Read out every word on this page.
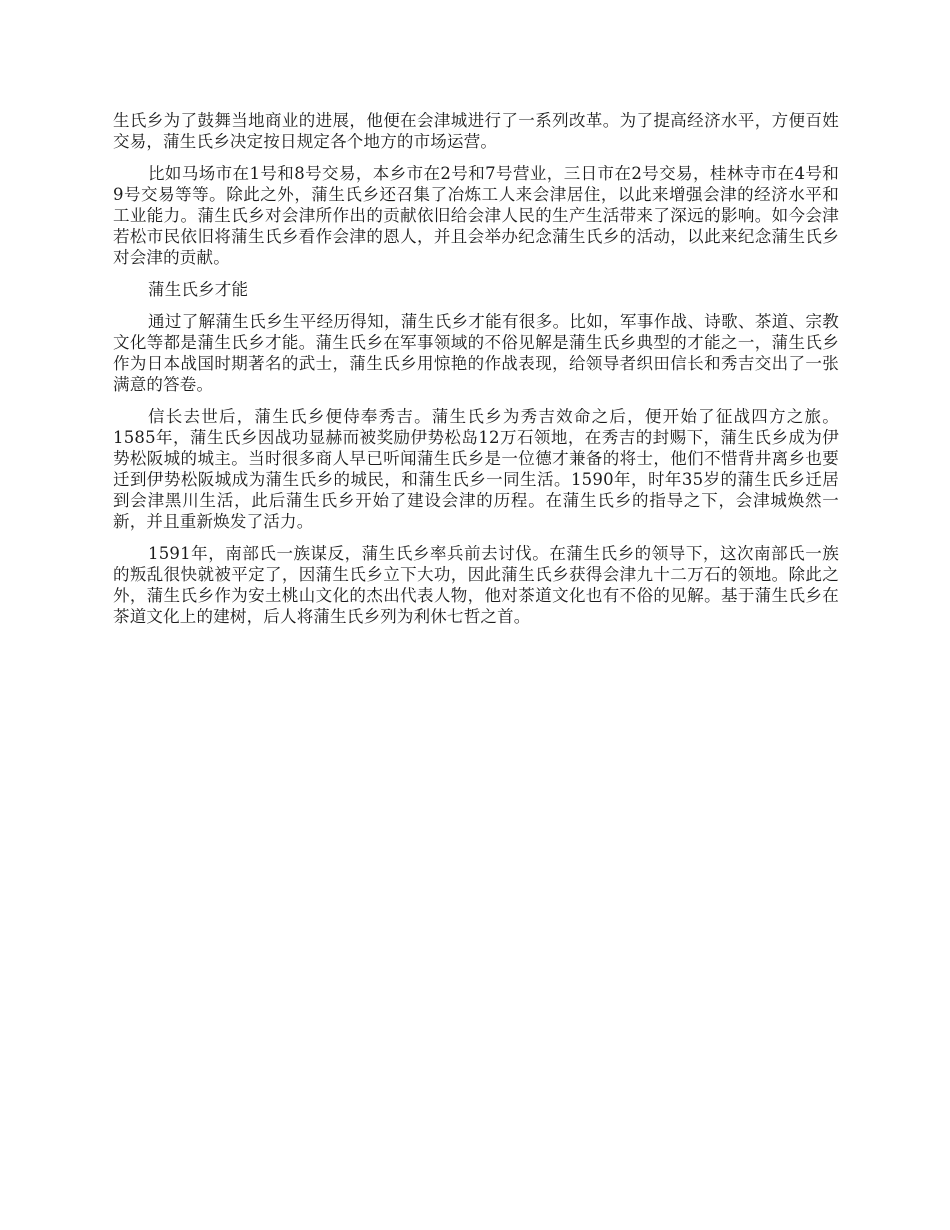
生氏乡为了鼓舞当地商业的进展，他便在会津城进行了一系列改革。为了提高经济水平，方便百姓交易，蒲生氏乡决定按日规定各个地方的市场运营。

比如马场市在1号和8号交易，本乡市在2号和7号营业，三日市在2号交易，桂林寺市在4号和9号交易等等。除此之外，蒲生氏乡还召集了冶炼工人来会津居住，以此来增强会津的经济水平和工业能力。蒲生氏乡对会津所作出的贡献依旧给会津人民的生产生活带来了深远的影响。如今会津若松市民依旧将蒲生氏乡看作会津的恩人，并且会举办纪念蒲生氏乡的活动，以此来纪念蒲生氏乡对会津的贡献。

蒲生氏乡才能

通过了解蒲生氏乡生平经历得知，蒲生氏乡才能有很多。比如，军事作战、诗歌、茶道、宗教文化等都是蒲生氏乡才能。蒲生氏乡在军事领域的不俗见解是蒲生氏乡典型的才能之一，蒲生氏乡作为日本战国时期著名的武士，蒲生氏乡用惊艳的作战表现，给领导者织田信长和秀吉交出了一张满意的答卷。

信长去世后，蒲生氏乡便侍奉秀吉。蒲生氏乡为秀吉效命之后，便开始了征战四方之旅。1585年，蒲生氏乡因战功显赫而被奖励伊势松岛12万石领地，在秀吉的封赐下，蒲生氏乡成为伊势松阪城的城主。当时很多商人早已听闻蒲生氏乡是一位德才兼备的将士，他们不惜背井离乡也要迁到伊势松阪城成为蒲生氏乡的城民，和蒲生氏乡一同生活。1590年，时年35岁的蒲生氏乡迁居到会津黑川生活，此后蒲生氏乡开始了建设会津的历程。在蒲生氏乡的指导之下，会津城焕然一新，并且重新焕发了活力。

1591年，南部氏一族谋反，蒲生氏乡率兵前去讨伐。在蒲生氏乡的领导下，这次南部氏一族的叛乱很快就被平定了，因蒲生氏乡立下大功，因此蒲生氏乡获得会津九十二万石的领地。除此之外，蒲生氏乡作为安土桃山文化的杰出代表人物，他对茶道文化也有不俗的见解。基于蒲生氏乡在茶道文化上的建树，后人将蒲生氏乡列为利休七哲之首。
